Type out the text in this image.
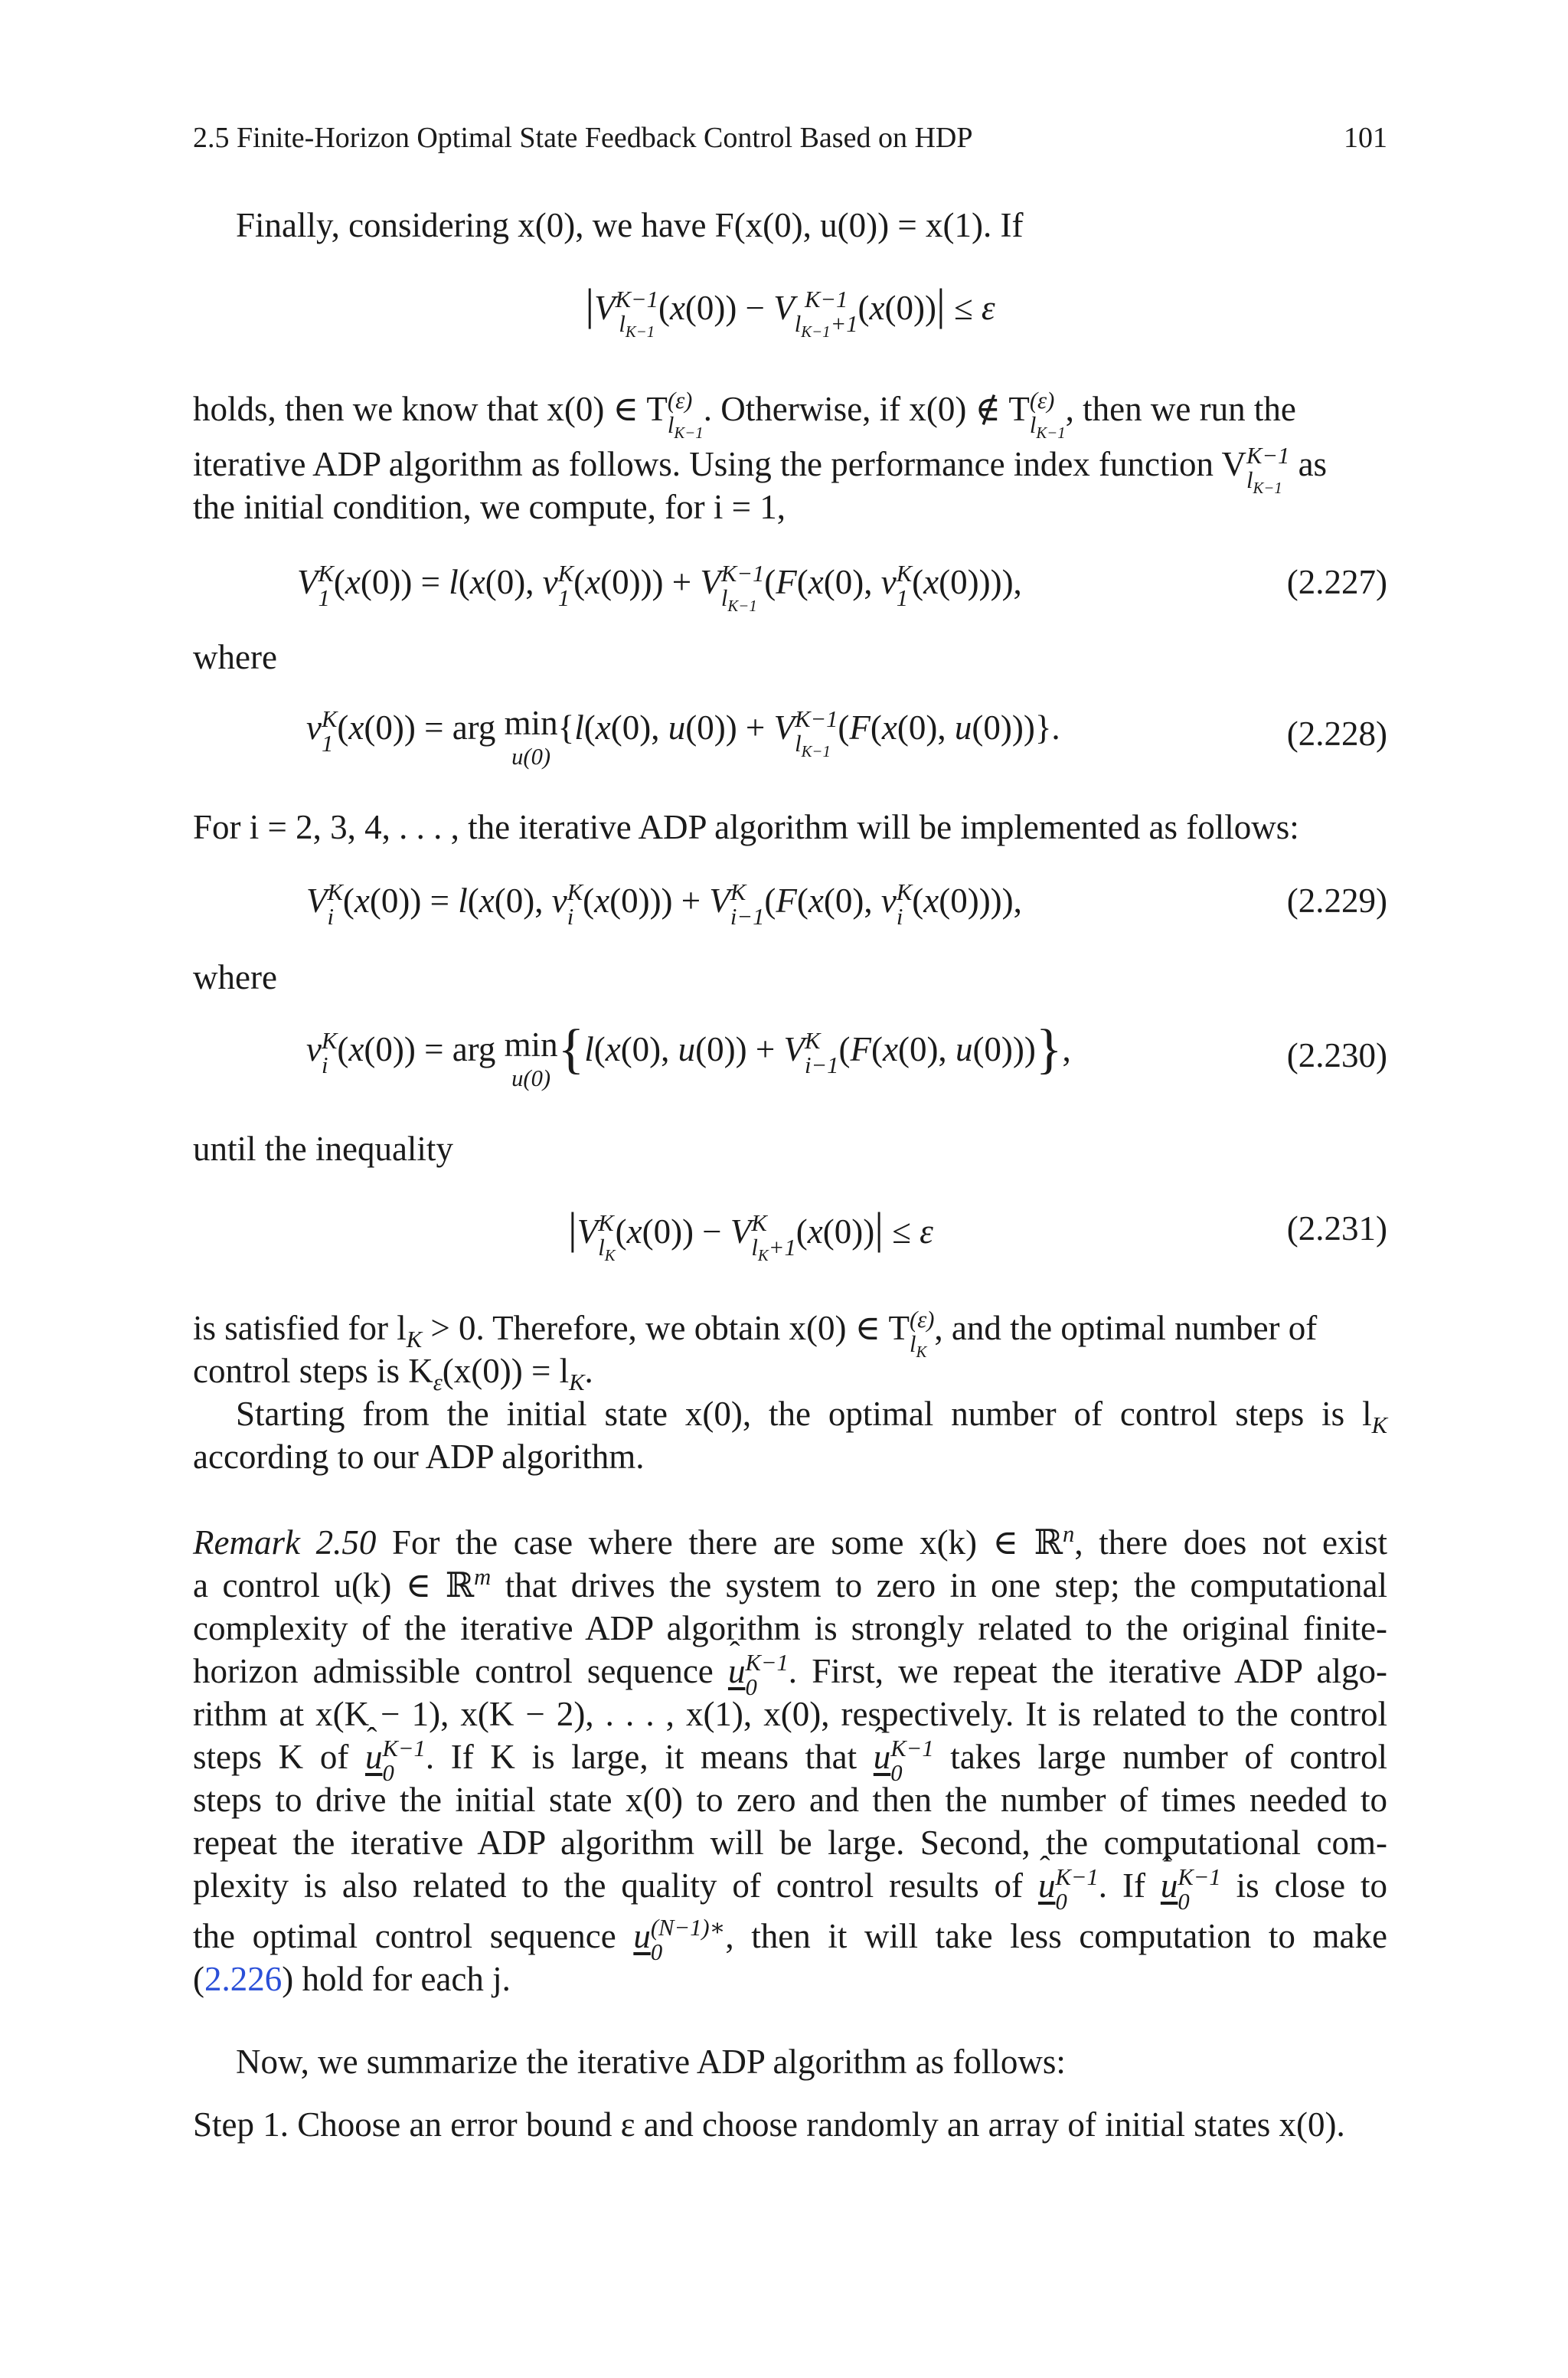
2.5 Finite-Horizon Optimal State Feedback Control Based on HDP	101
Finally, considering x(0), we have F(x(0), u(0)) = x(1). If
|V K−1
$l_{K-1}$
(x(0)) − V K−1
$l_{K-1}+1$ (x(0))| ≤ ε
holds, then we know that x(0) ∈ T (ε)
$l_{K-1}$
. Otherwise, if x(0) ∉ T (ε)
$l_{K-1}$
, then we run the
iterative ADP algorithm as follows. Using the performance index function V K−1
$l_{K-1}$
as
the initial condition, we compute, for i = 1,
V K
1 (x(0)) = l(x(0), v K
1 (x(0))) + V K−1
$l_{K-1}$
(F(x(0), v K
1 (x(0)))),	(2.227)
where
v K
1 (x(0)) = arg min
u(0)
{l(x(0), u(0)) + V K−1
$l_{K-1}$
(F(x(0), u(0)))}.	(2.228)
For i = 2, 3, 4, . . . , the iterative ADP algorithm will be implemented as follows:
V K
i (x(0)) = l(x(0), v K
i (x(0))) + V K
i−1 (F(x(0), v K
i (x(0)))),	(2.229)
where
v K
i (x(0)) = arg min
u(0) {l(x(0), u(0)) + V K
i−1 (F(x(0), u(0)))},	(2.230)
until the inequality
|V K
$l_K$
(x(0)) − V K
$l_K+1$ (x(0))| ≤ ε	(2.231)
is satisfied for $l_K > 0$. Therefore, we obtain x(0) ∈ T (ε)
$l_K$
, and the optimal number of
control steps is $K_\varepsilon(x(0)) = l_K$.
Starting from the initial state x(0), the optimal number of control steps is $l_K$
according to our ADP algorithm.
Remark 2.50 For the case where there are some x(k) ∈ ℝ$^n$, there does not exist
a control u(k) ∈ ℝ$^m$ that drives the system to zero in one step; the computational
complexity of the iterative ADP algorithm is strongly related to the original finite-
horizon admissible control sequence ˆ u K−1
0 . First, we repeat the iterative ADP algo-
rithm at x(K − 1), x(K − 2), . . . , x(1), x(0), respectively. It is related to the control
steps K of ˆ u K−1
0 . If K is large, it means that ˆ u K−1
0 takes large number of control
steps to drive the initial state x(0) to zero and then the number of times needed to
repeat the iterative ADP algorithm will be large. Second, the computational com-
plexity is also related to the quality of control results of ˆ u K−1
0 . If ˆ u K−1
0 is close to
the optimal control sequence u (N−1)∗
0	, then it will take less computation to make
(2.226) hold for each j.
Now, we summarize the iterative ADP algorithm as follows:
Step 1. Choose an error bound ε and choose randomly an array of initial states x(0).
